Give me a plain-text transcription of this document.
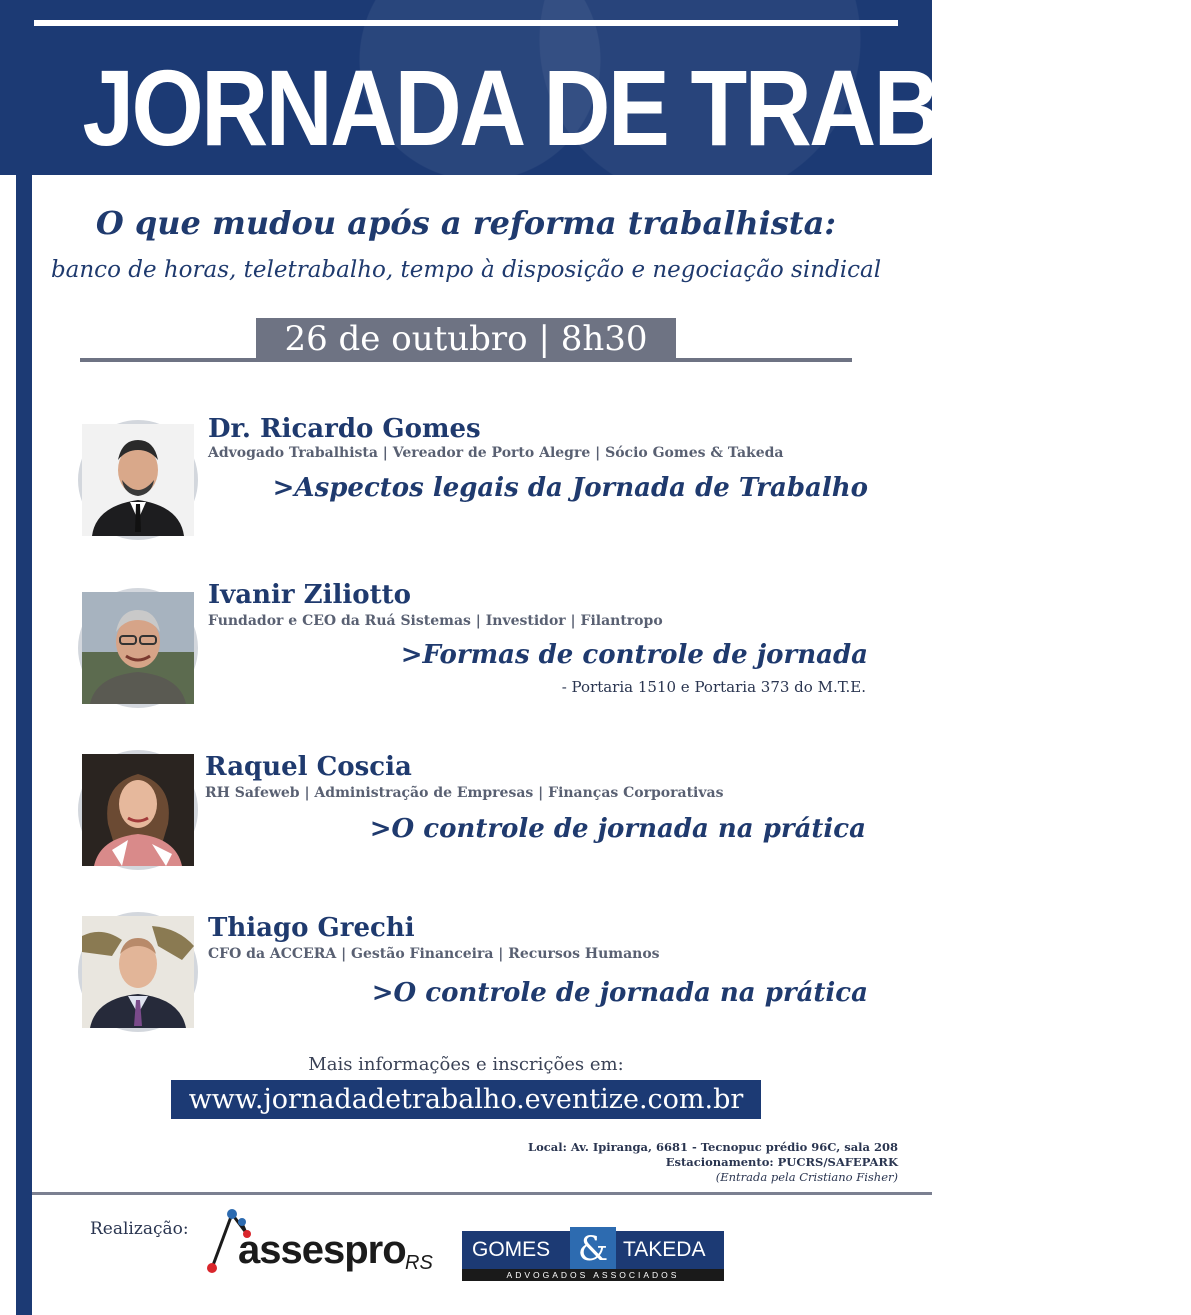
JORNADA DE TRABALHO
O que mudou após a reforma trabalhista:
banco de horas, teletrabalho, tempo à disposição e negociação sindical
26 de outubro | 8h30
Dr. Ricardo Gomes
Advogado Trabalhista | Vereador de Porto Alegre | Sócio Gomes & Takeda
>Aspectos legais da Jornada de Trabalho
Ivanir Ziliotto
Fundador e CEO da Ruá Sistemas | Investidor | Filantropo
>Formas de controle de jornada
- Portaria 1510 e Portaria 373 do M.T.E.
Raquel Coscia
RH Safeweb | Administração de Empresas | Finanças Corporativas
>O controle de jornada na prática
Thiago Grechi
CFO da ACCERA | Gestão Financeira | Recursos Humanos
>O controle de jornada na prática
Mais informações e inscrições em:
www.jornadadetrabalho.eventize.com.br
Local: Av. Ipiranga, 6681 - Tecnopuc prédio 96C, sala 208
Estacionamento: PUCRS/SAFEPARK
(Entrada pela Cristiano Fisher)
Realização: assespro RS
GOMES & TAKEDA
ADVOGADOS ASSOCIADOS
